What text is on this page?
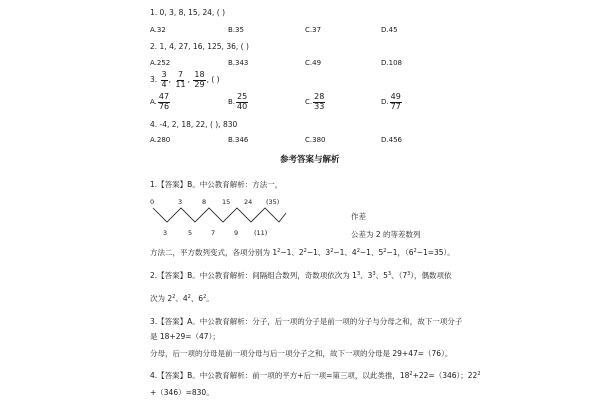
1. 0, 3, 8, 15, 24, ( )
A.32	B.35	C.37	D.45
2. 1, 4, 27, 16, 125, 36, ( )
A.252	B.343	C.49	D.108
3.
$\frac{3}{4}$ , $\frac{7}{11}$ , $\frac{18}{29}$ , ( )
A. $\frac{47}{76}$	B. $\frac{25}{40}$	C. $\frac{28}{33}$	D. $\frac{49}{77}$
4. -4, 2, 18, 22, ( ), 830
A.280	B.346	C.380	D.456
参考答案与解析
1.【答案】B。中公教育解析：方法一，
0	3	8 15 24 (35)
3	5	7	9 (11)
作差
公差为 2 的等差数列
方法二，平方数列变式，各项分别为 $1^2-1$、$2^2-1$、$3^2-1$、$4^2-1$、$5^2-1$，$(6^2-1=35)$。
2.【答案】B。中公教育解析：间隔组合数列，奇数项依次为 $1^3$、$3^3$、$5^3$、$(7^3)$，偶数项依
次为 $2^2$、$4^2$、$6^2$。
3.【答案】A。中公教育解析：分子，后一项的分子是前一项的分子与分母之和，故下一项分子
是 18+29=（47）；
分母，后一项的分母是前一项分母与后一项分子之和，故下一项的分母是 29+47=（76）。
4.【答案】B。中公教育解析：前一项的平方+后一项=第三项，以此类推，$18^2+22=(346)$；$22^2$
+（346）=830。
